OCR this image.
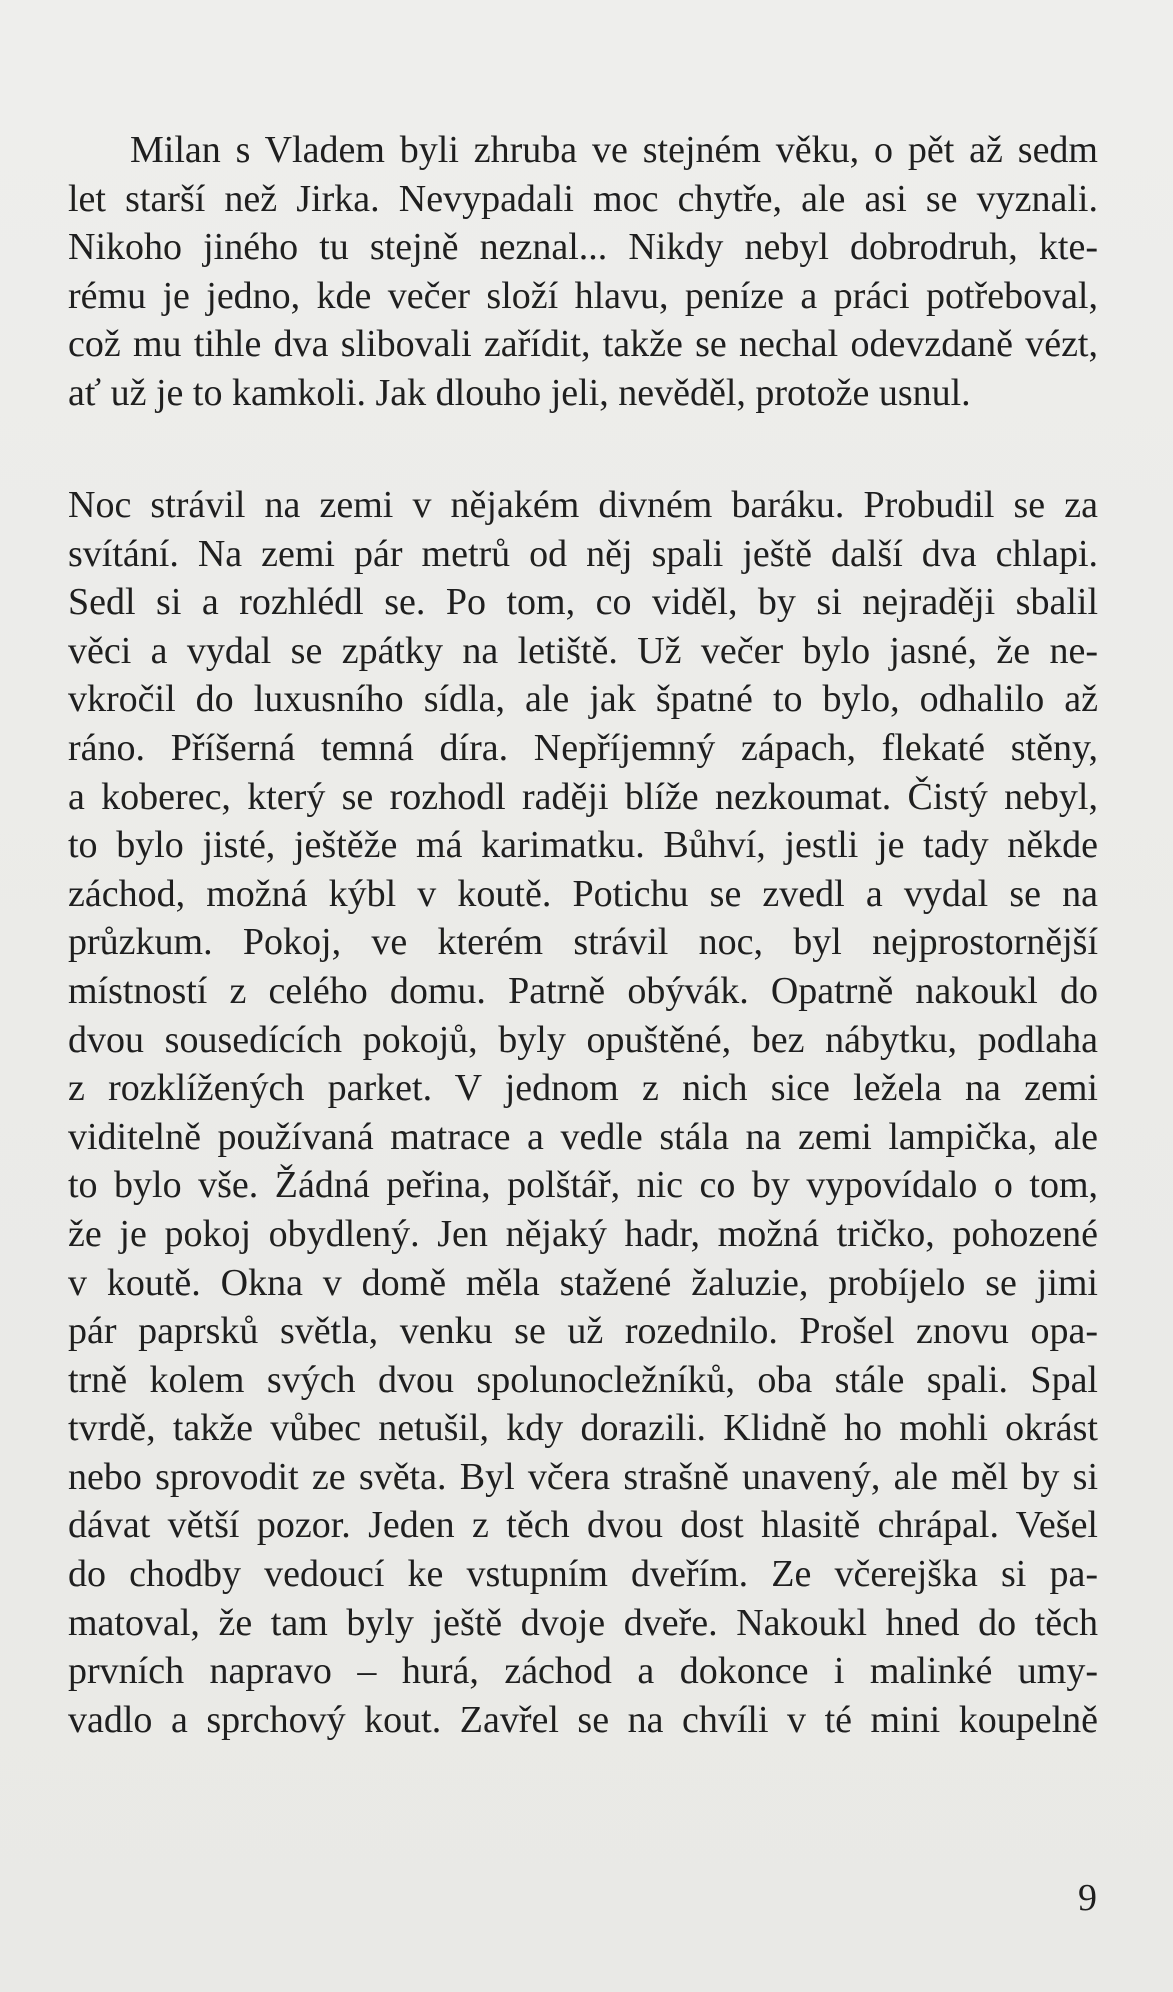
Milan s Vladem byli zhruba ve stejném věku, o pět až sedm
let starší než Jirka. Nevypadali moc chytře, ale asi se vyznali.
Nikoho jiného tu stejně neznal... Nikdy nebyl dobrodruh, kte-
rému je jedno, kde večer složí hlavu, peníze a práci potřeboval,
což mu tihle dva slibovali zařídit, takže se nechal odevzdaně vézt,
ať už je to kamkoli. Jak dlouho jeli, nevěděl, protože usnul.

Noc strávil na zemi v nějakém divném baráku. Probudil se za
svítání. Na zemi pár metrů od něj spali ještě další dva chlapi.
Sedl si a rozhlédl se. Po tom, co viděl, by si nejraději sbalil
věci a vydal se zpátky na letiště. Už večer bylo jasné, že ne-
vkročil do luxusního sídla, ale jak špatné to bylo, odhalilo až
ráno. Příšerná temná díra. Nepříjemný zápach, flekaté stěny,
a koberec, který se rozhodl raději blíže nezkoumat. Čistý nebyl,
to bylo jisté, ještěže má karimatku. Bůhví, jestli je tady někde
záchod, možná kýbl v koutě. Potichu se zvedl a vydal se na
průzkum. Pokoj, ve kterém strávil noc, byl nejprostornější
místností z celého domu. Patrně obývák. Opatrně nakoukl do
dvou sousedících pokojů, byly opuštěné, bez nábytku, podlaha
z rozklížených parket. V jednom z nich sice ležela na zemi
viditelně používaná matrace a vedle stála na zemi lampička, ale
to bylo vše. Žádná peřina, polštář, nic co by vypovídalo o tom,
že je pokoj obydlený. Jen nějaký hadr, možná tričko, pohozené
v koutě. Okna v domě měla stažené žaluzie, probíjelo se jimi
pár paprsků světla, venku se už rozednilo. Prošel znovu opa-
trně kolem svých dvou spolunocležníků, oba stále spali. Spal
tvrdě, takže vůbec netušil, kdy dorazili. Klidně ho mohli okrást
nebo sprovodit ze světa. Byl včera strašně unavený, ale měl by si
dávat větší pozor. Jeden z těch dvou dost hlasitě chrápal. Vešel
do chodby vedoucí ke vstupním dveřím. Ze včerejška si pa-
matoval, že tam byly ještě dvoje dveře. Nakoukl hned do těch
prvních napravo – hurá, záchod a dokonce i malinké umy-
vadlo a sprchový kout. Zavřel se na chvíli v té mini koupelně

9
